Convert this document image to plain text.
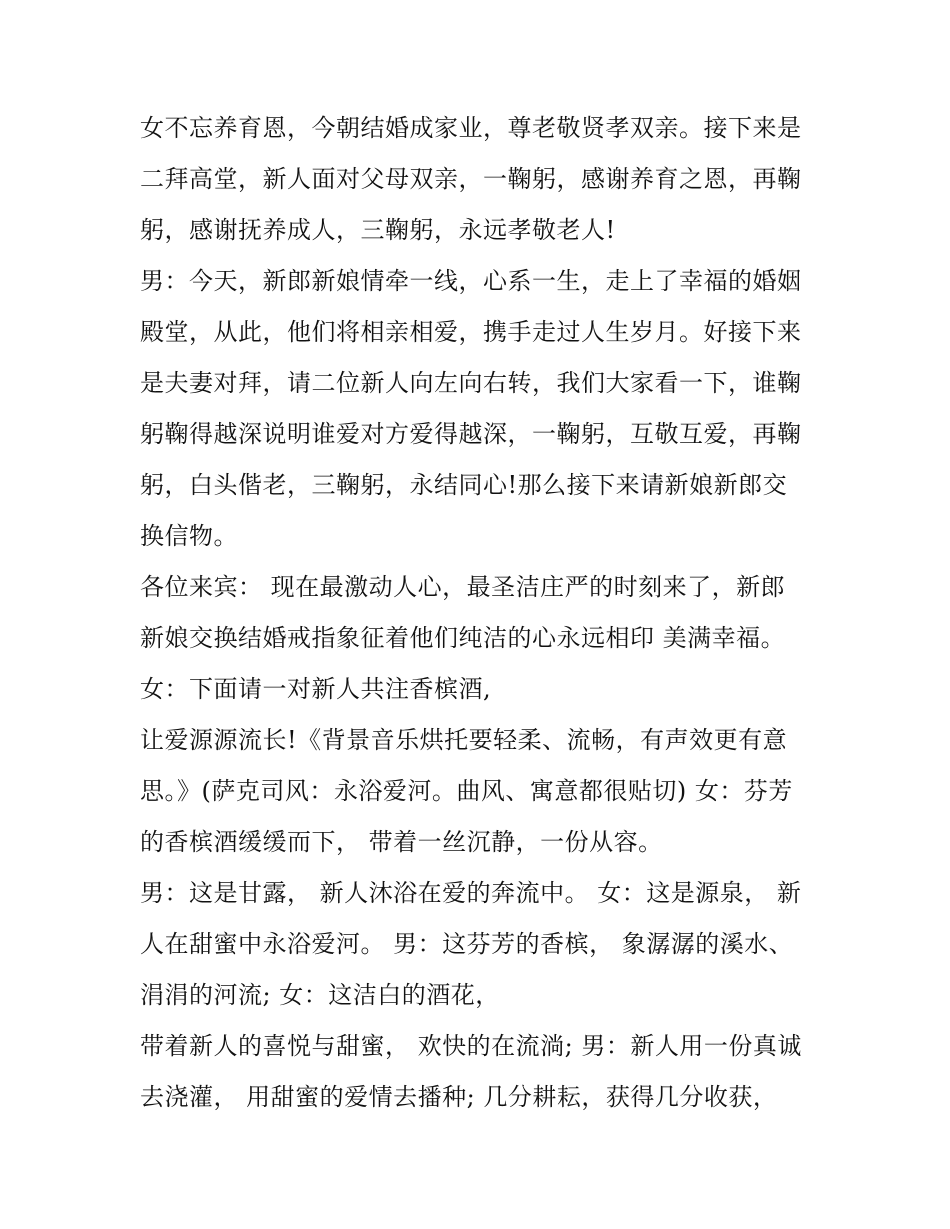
女不忘养育恩，今朝结婚成家业，尊老敬贤孝双亲。接下来是
二拜高堂，新人面对父母双亲，一鞠躬，感谢养育之恩，再鞠
躬，感谢抚养成人，三鞠躬，永远孝敬老人!
男：今天，新郎新娘情牵一线，心系一生，走上了幸福的婚姻
殿堂，从此，他们将相亲相爱，携手走过人生岁月。好接下来
是夫妻对拜，请二位新人向左向右转，我们大家看一下，谁鞠
躬鞠得越深说明谁爱对方爱得越深，一鞠躬，互敬互爱，再鞠
躬，白头偕老，三鞠躬，永结同心!那么接下来请新娘新郎交
换信物。
各位来宾： 现在最激动人心，最圣洁庄严的时刻来了，新郎
新娘交换结婚戒指象征着他们纯洁的心永远相印 美满幸福。
女：下面请一对新人共注香槟酒,
让爱源源流长!《背景音乐烘托要轻柔、流畅，有声效更有意
思。》(萨克司风：永浴爱河。曲风、寓意都很贴切) 女：芬芳
的香槟酒缓缓而下， 带着一丝沉静，一份从容。
男：这是甘露， 新人沐浴在爱的奔流中。 女：这是源泉， 新
人在甜蜜中永浴爱河。 男：这芬芳的香槟， 象潺潺的溪水、
涓涓的河流; 女：这洁白的酒花，
带着新人的喜悦与甜蜜， 欢快的在流淌; 男：新人用一份真诚
去浇灌， 用甜蜜的爱情去播种; 几分耕耘，获得几分收获，
